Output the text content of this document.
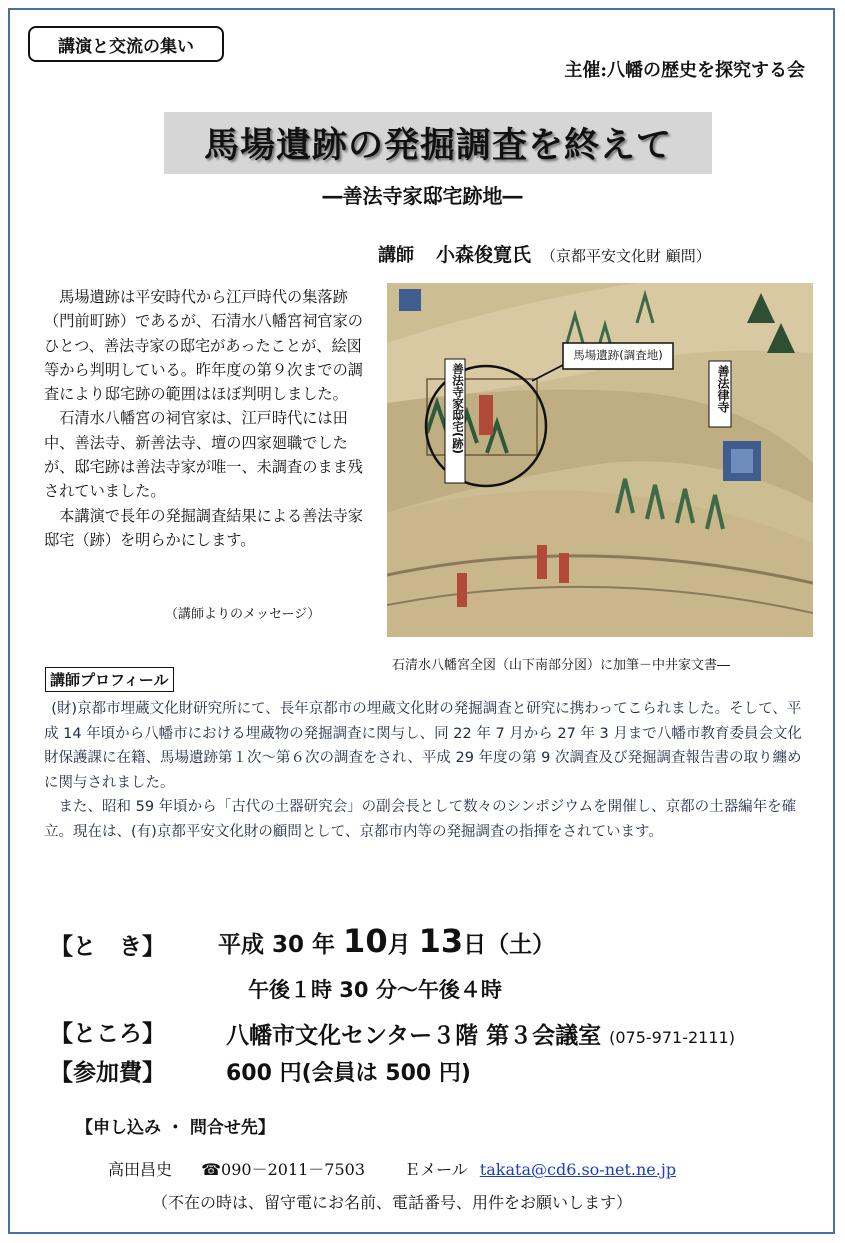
講演と交流の集い
主催:八幡の歴史を探究する会
馬場遺跡の発掘調査を終えて
―善法寺家邸宅跡地―
講師 小森俊寛氏 （京都平安文化財 顧問）

馬場遺跡は平安時代から江戸時代の集落跡（門前町跡）であるが、石清水八幡宮祠官家のひとつ、善法寺家の邸宅があったことが、絵図等から判明している。昨年度の第９次までの調査により邸宅跡の範囲はほぼ判明しました。

石清水八幡宮の祠官家は、江戸時代には田中、善法寺、新善法寺、壇の四家廻職でしたが、邸宅跡は善法寺家が唯一、未調査のまま残されていました。

本講演で長年の発掘調査結果による善法寺家邸宅（跡）を明らかにします。

（講師よりのメッセージ）
馬場遺跡(調査地)
善法寺家邸宅(跡)	善法律寺
石清水八幡宮全図（山下南部分図）に加筆－中井家文書―
講師プロフィール

(財)京都市埋蔵文化財研究所にて、長年京都市の埋蔵文化財の発掘調査と研究に携わってこられました。そして、平成 14 年頃から八幡市における埋蔵物の発掘調査に関与し、同 22 年 7 月から 27 年 3 月まで八幡市教育委員会文化財保護課に在籍、馬場遺跡第１次～第６次の調査をされ、平成 29 年度の第 9 次調査及び発掘調査報告書の取り纏めに関与されました。

また、昭和 59 年頃から「古代の土器研究会」の副会長として数々のシンポジウムを開催し、京都の土器編年を確立。現在は、(有)京都平安文化財の顧問として、京都市内等の発掘調査の指揮をされています。

【と　き】 平成 30 年 10月 13日（土）
午後１時 30 分～午後４時
【ところ】	八幡市文化センター３階 第３会議室 (075-971-2111)
【参加費】	600 円(会員は 500 円)
【申し込み ・ 問合せ先】
高田昌史 ☎090－2011－7503 Ｅメール takata@cd6.so-net.ne.jp
（不在の時は、留守電にお名前、電話番号、用件をお願いします）
